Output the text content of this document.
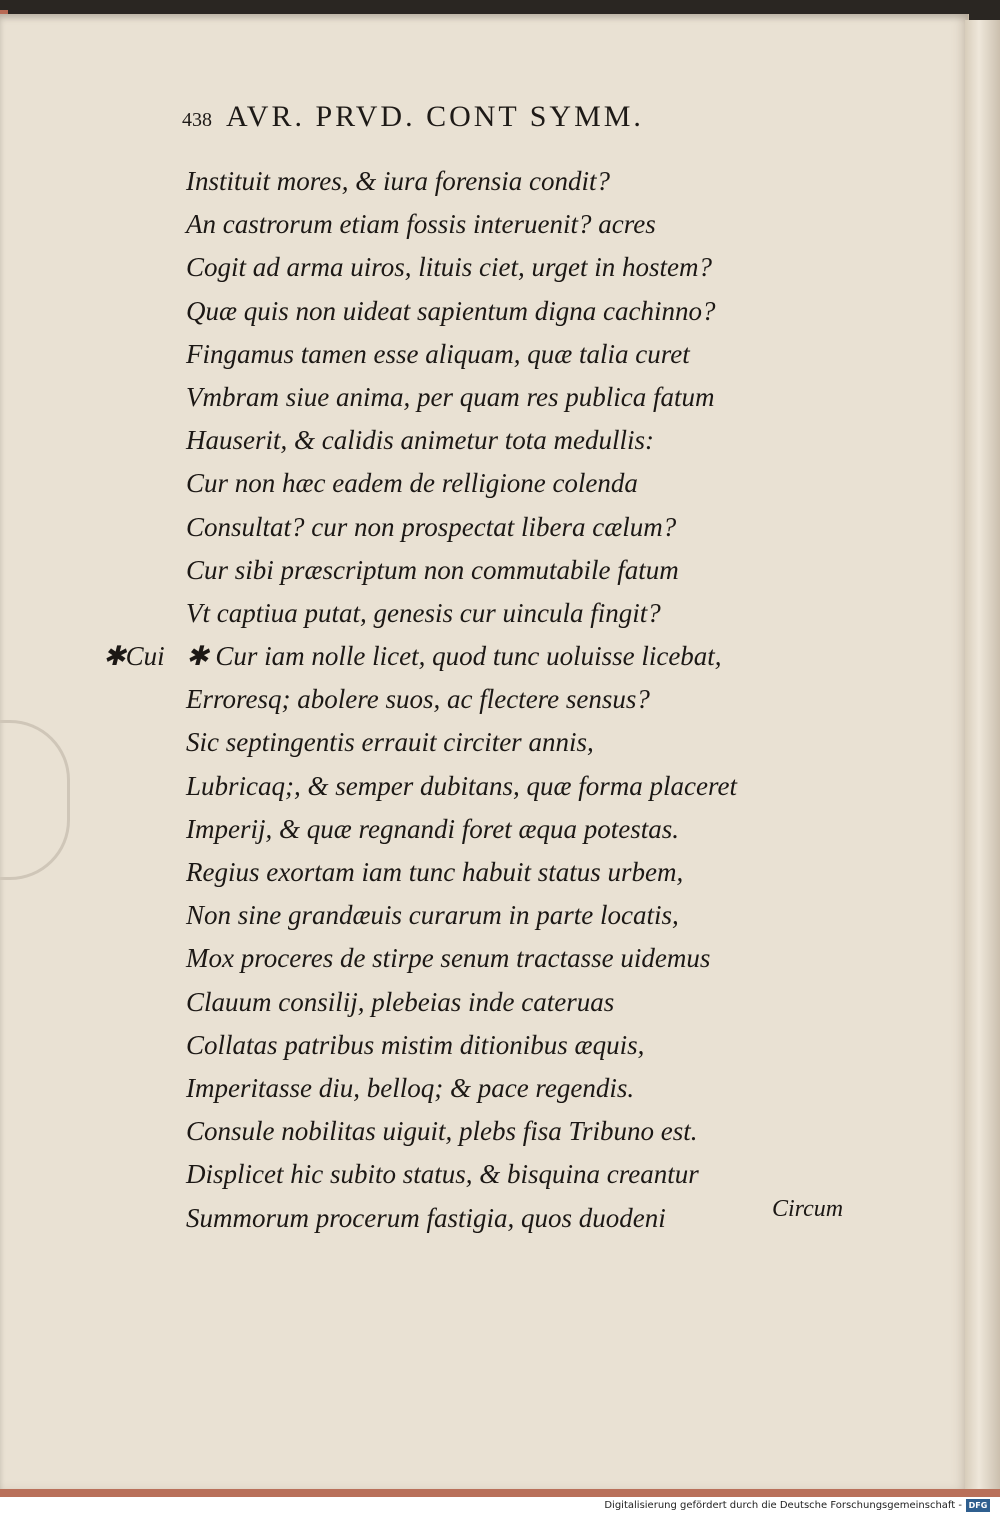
438 AVR. PRVD. CONT SYMM.
✱Cui
Instituit mores, & iura forensia condit?
An castrorum etiam fossis interuenit? acres
Cogit ad arma uiros, lituis ciet, urget in hostem?
Quæ quis non uideat sapientum digna cachinno?
Fingamus tamen esse aliquam, quæ talia curet
Vmbram siue anima, per quam res publica fatum
Hauserit, & calidis animetur tota medullis:
Cur non hæc eadem de relligione colenda
Consultat? cur non prospectat libera cælum?
Cur sibi præscriptum non commutabile fatum
Vt captiua putat, genesis cur uincula fingit?
✱ Cur iam nolle licet, quod tunc uoluisse licebat,
Erroresq; abolere suos, ac flectere sensus?
Sic septingentis errauit circiter annis,
Lubricaq;, & semper dubitans, quæ forma placeret
Imperij, & quæ regnandi foret æqua potestas.
Regius exortam iam tunc habuit status urbem,
Non sine grandæuis curarum in parte locatis,
Mox proceres de stirpe senum tractasse uidemus
Clauum consilij, plebeias inde cateruas
Collatas patribus mistim ditionibus æquis,
Imperitasse diu, belloq; & pace regendis.
Consule nobilitas uiguit, plebs fisa Tribuno est.
Displicet hic subito status, & bisquina creantur
Summorum procerum fastigia, quos duodeni	Circum
Digitalisierung gefördert durch die Deutsche Forschungsgemeinschaft - DFG
